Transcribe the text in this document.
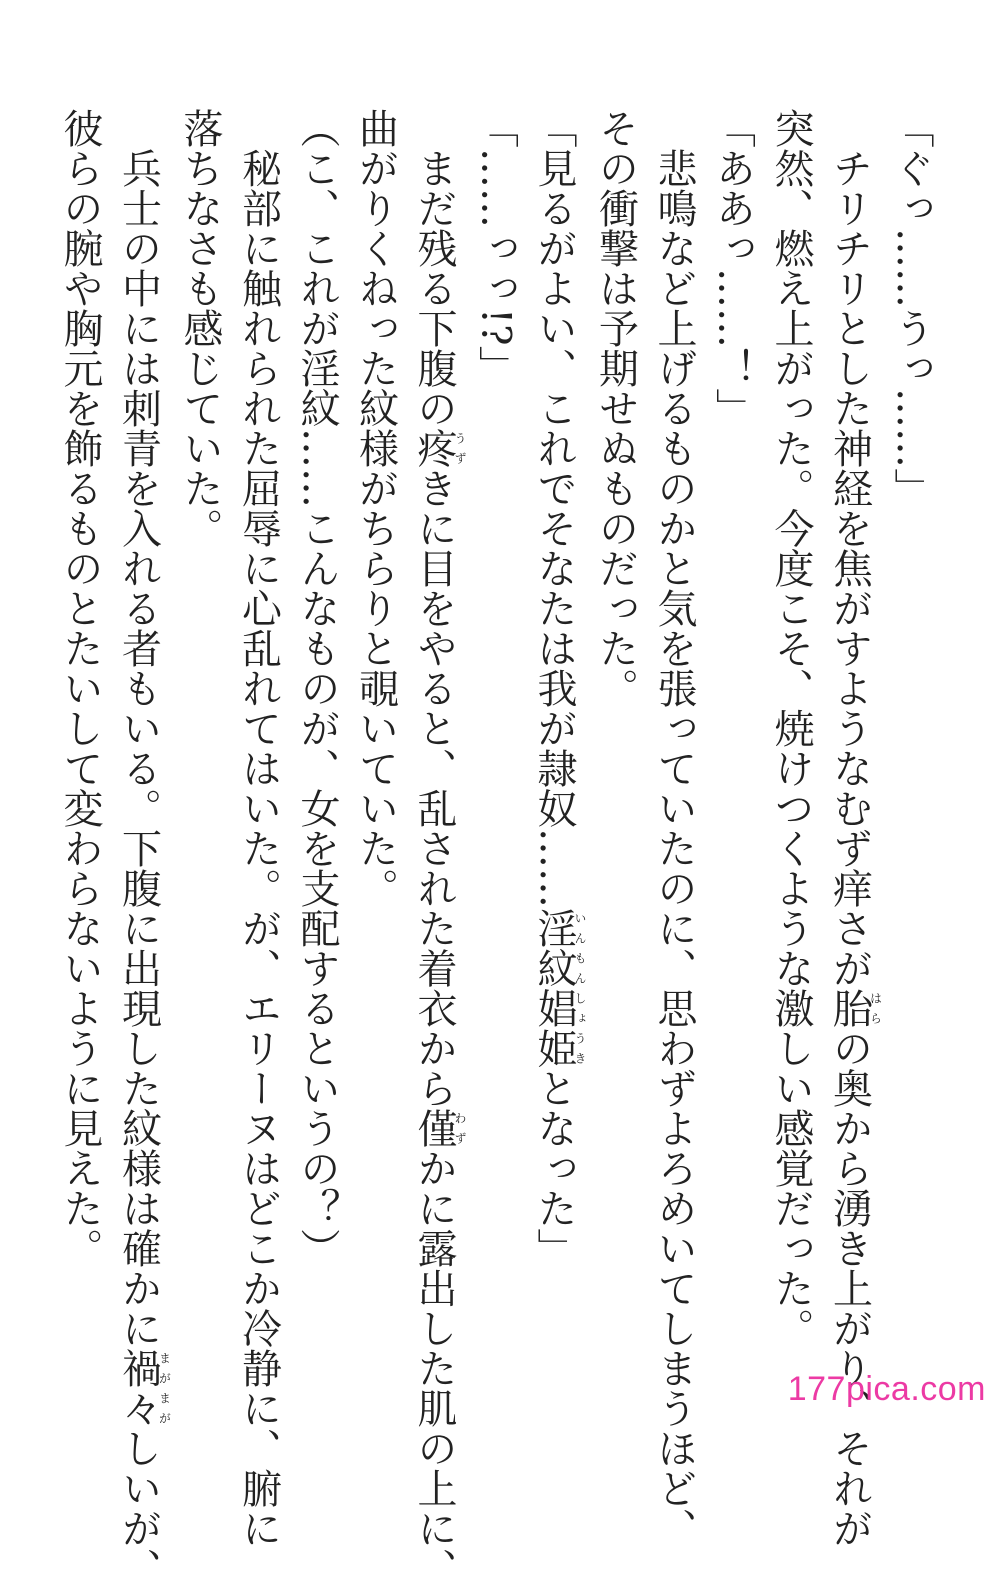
「ぐっ……うっ……」
　チリチリとした神経を焦がすようなむず痒さが胎はらの奥から湧き上がり、それが
突然、燃え上がった。今度こそ、焼けつくような激しい感覚だった。
「ああっ……！」
　悲鳴など上げるものかと気を張っていたのに、思わずよろめいてしまうほど、
その衝撃は予期せぬものだった。
「見るがよい、これでそなたは我が隷奴……淫紋娼姫いんもんしょうきとなった」
「……っっ!?」
　まだ残る下腹の疼うずきに目をやると、乱された着衣から僅わずかに露出した肌の上に、
曲がりくねった紋様がちらりと覗いていた。
（こ、これが淫紋……こんなものが、女を支配するというの？）
　秘部に触れられた屈辱に心乱れてはいた。が、エリーヌはどこか冷静に、腑に
落ちなさも感じていた。
　兵士の中には刺青を入れる者もいる。下腹に出現した紋様は確かに禍々まがまがしいが、
彼らの腕や胸元を飾るものとたいして変わらないように見えた。
177pica.com
